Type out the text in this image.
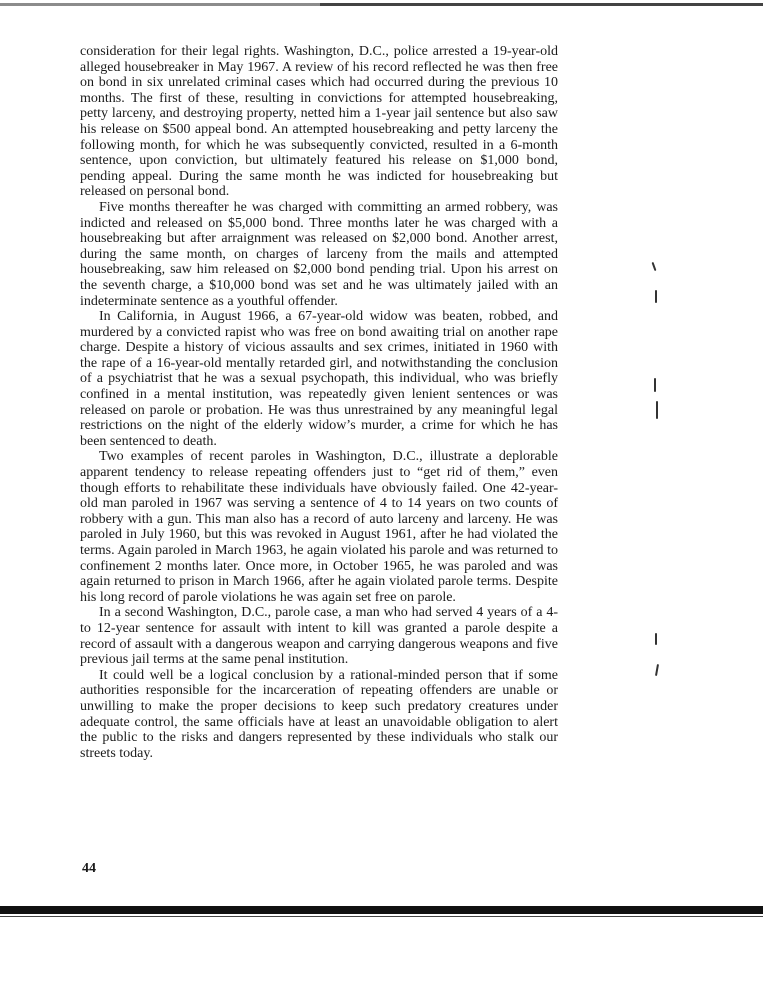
consideration for their legal rights. Washington, D.C., police arrested a 19-year-old alleged housebreaker in May 1967. A review of his record reflected he was then free on bond in six unrelated criminal cases which had occurred during the previous 10 months. The first of these, resulting in convictions for attempted housebreaking, petty larceny, and destroying property, netted him a 1-year jail sentence but also saw his release on $500 appeal bond. An attempted housebreaking and petty larceny the following month, for which he was subsequently convicted, resulted in a 6-month sentence, upon conviction, but ultimately featured his release on $1,000 bond, pending appeal. During the same month he was indicted for housebreaking but released on personal bond.

Five months thereafter he was charged with committing an armed robbery, was indicted and released on $5,000 bond. Three months later he was charged with a housebreaking but after arraignment was released on $2,000 bond. Another arrest, during the same month, on charges of larceny from the mails and attempted housebreaking, saw him released on $2,000 bond pending trial. Upon his arrest on the seventh charge, a $10,000 bond was set and he was ultimately jailed with an indeterminate sentence as a youthful offender.

In California, in August 1966, a 67-year-old widow was beaten, robbed, and murdered by a convicted rapist who was free on bond awaiting trial on another rape charge. Despite a history of vicious assaults and sex crimes, initiated in 1960 with the rape of a 16-year-old mentally retarded girl, and notwithstanding the conclusion of a psychiatrist that he was a sexual psychopath, this individual, who was briefly confined in a mental institution, was repeatedly given lenient sentences or was released on parole or probation. He was thus unrestrained by any meaningful legal restrictions on the night of the elderly widow’s murder, a crime for which he has been sentenced to death.

Two examples of recent paroles in Washington, D.C., illustrate a deplorable apparent tendency to release repeating offenders just to “get rid of them,” even though efforts to rehabilitate these individuals have obviously failed. One 42-year-old man paroled in 1967 was serving a sentence of 4 to 14 years on two counts of robbery with a gun. This man also has a record of auto larceny and larceny. He was paroled in July 1960, but this was revoked in August 1961, after he had violated the terms. Again paroled in March 1963, he again violated his parole and was returned to confinement 2 months later. Once more, in October 1965, he was paroled and was again returned to prison in March 1966, after he again violated parole terms. Despite his long record of parole violations he was again set free on parole.

In a second Washington, D.C., parole case, a man who had served 4 years of a 4- to 12-year sentence for assault with intent to kill was granted a parole despite a record of assault with a dangerous weapon and carrying dangerous weapons and five previous jail terms at the same penal institution.

It could well be a logical conclusion by a rational-minded person that if some authorities responsible for the incarceration of repeating offenders are unable or unwilling to make the proper decisions to keep such predatory creatures under adequate control, the same officials have at least an unavoidable obligation to alert the public to the risks and dangers represented by these individuals who stalk our streets today.

44
